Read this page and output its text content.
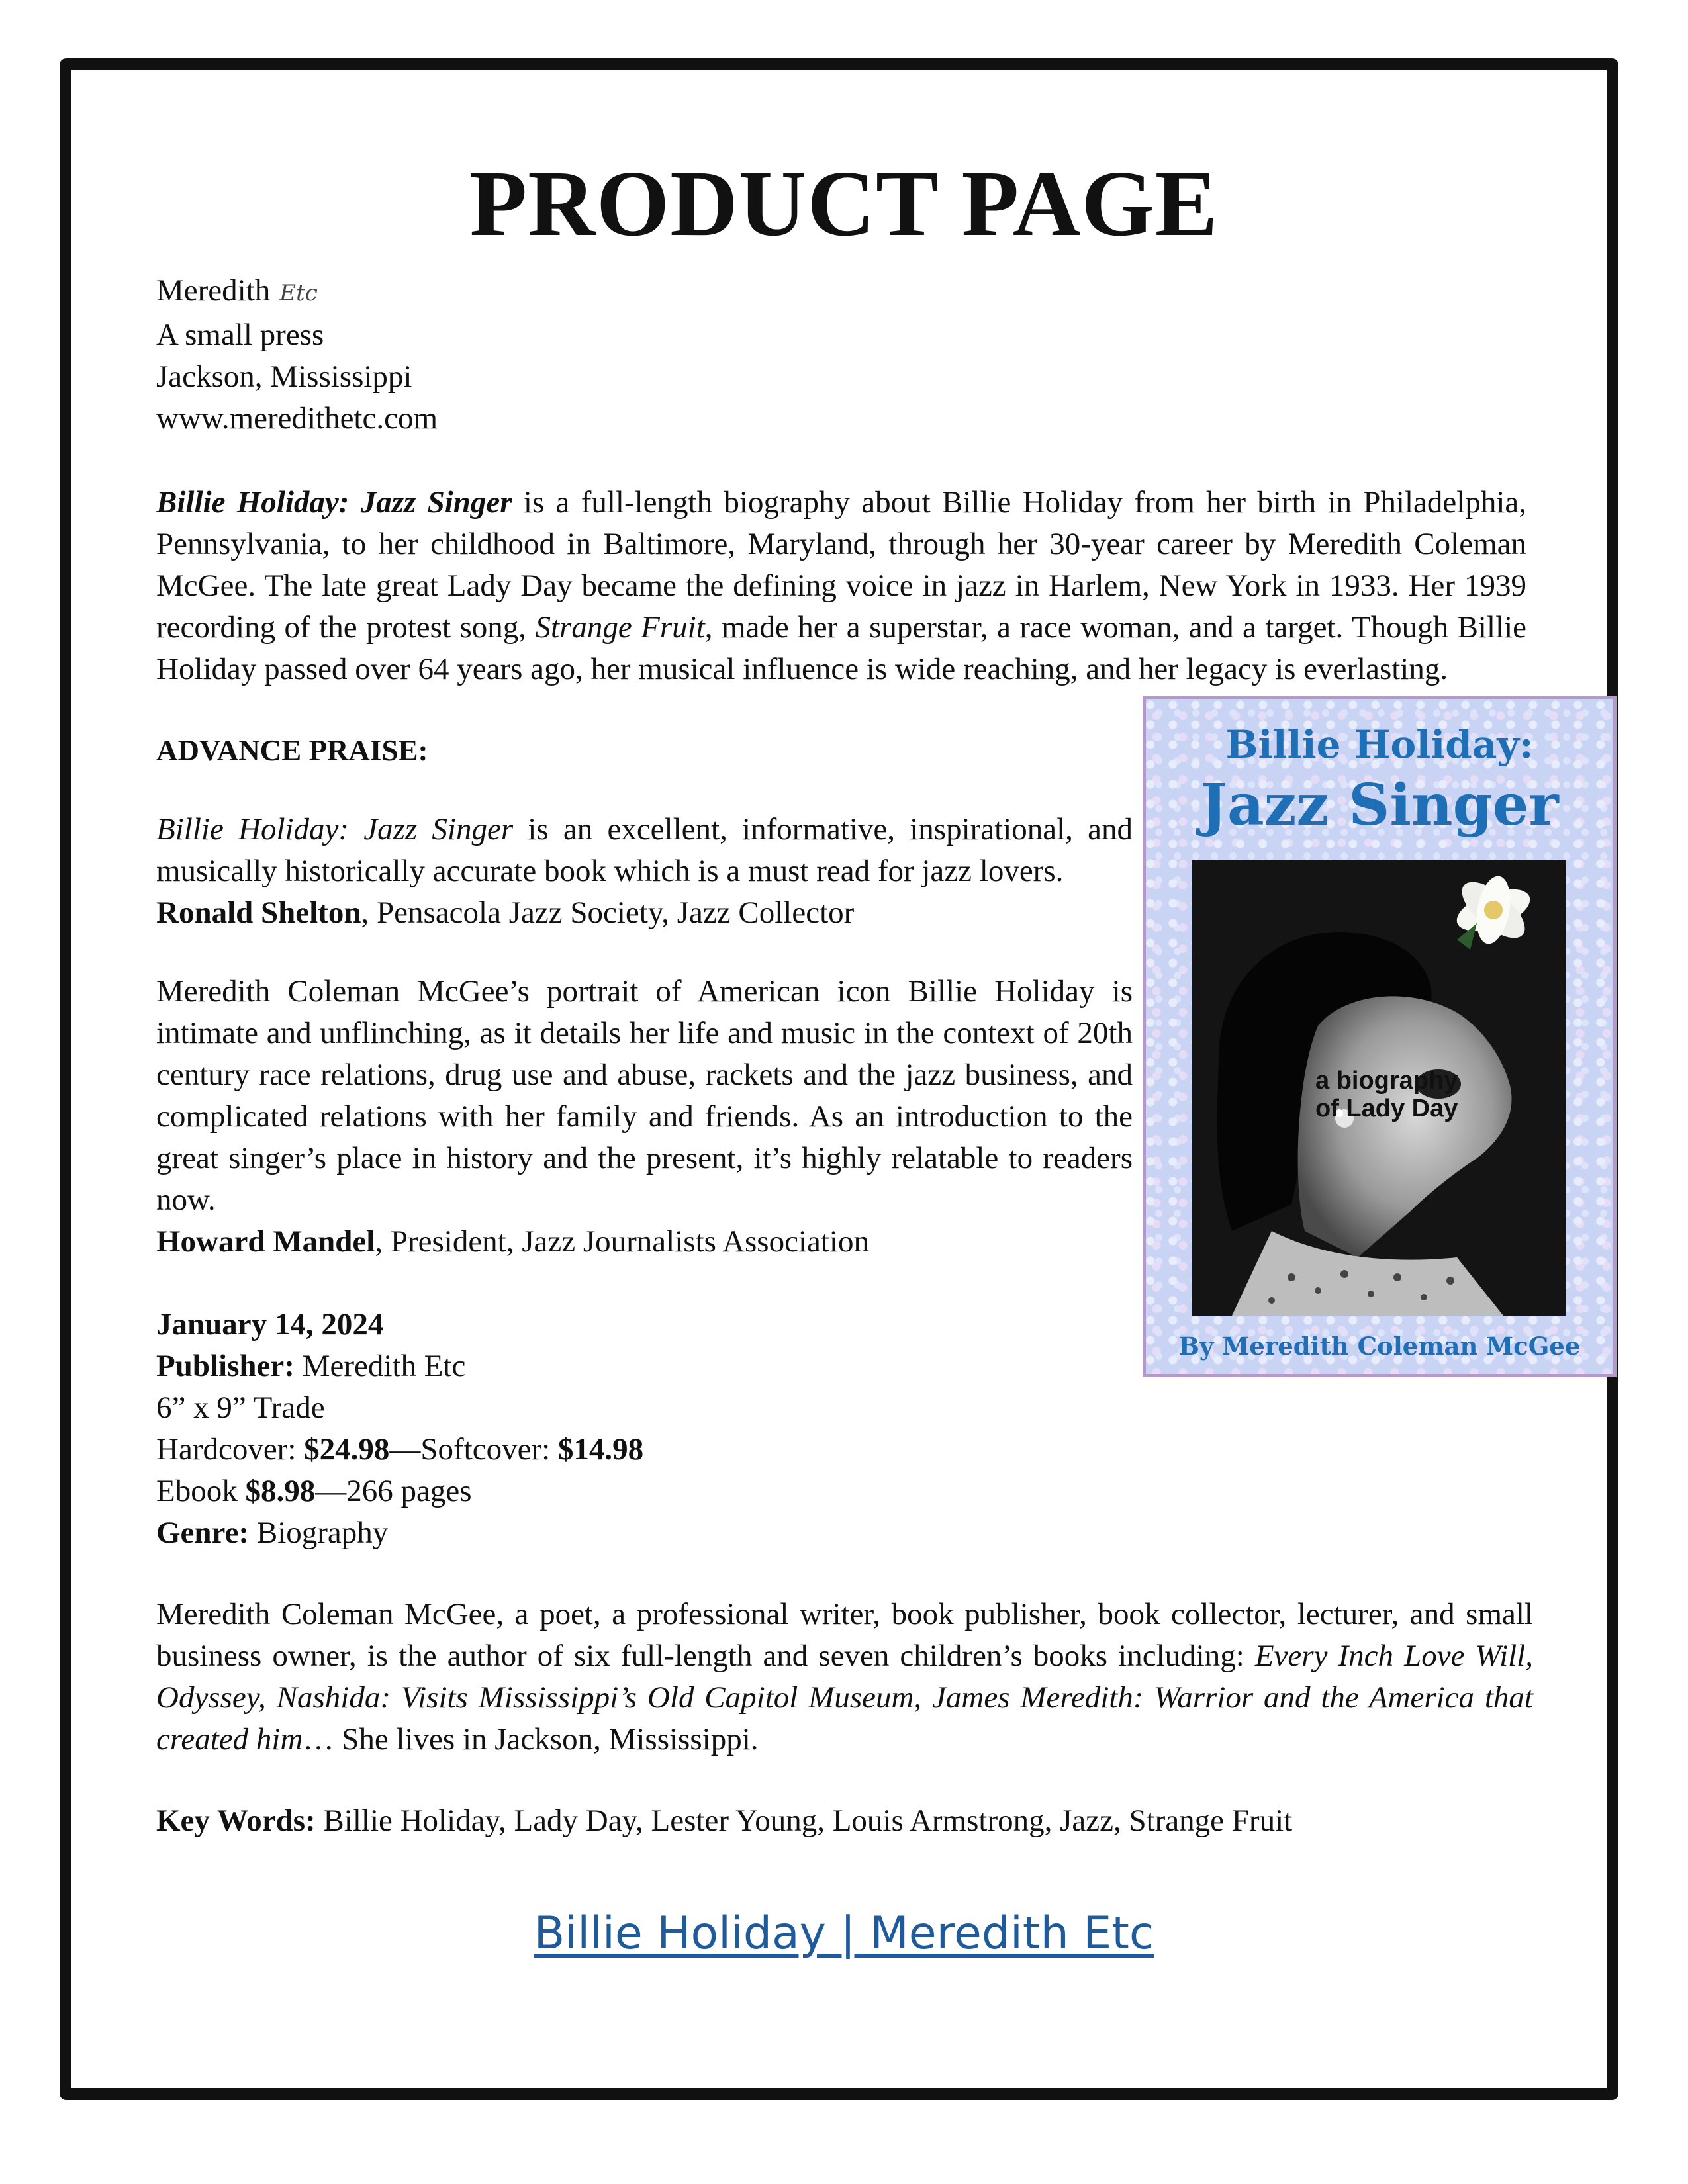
PRODUCT PAGE
Meredith Etc
A small press
Jackson, Mississippi
www.meredithetc.com

Billie Holiday: Jazz Singer is a full-length biography about Billie Holiday from her birth in Philadelphia, Pennsylvania, to her childhood in Baltimore, Maryland, through her 30-year career by Meredith Coleman McGee. The late great Lady Day became the defining voice in jazz in Harlem, New York in 1933. Her 1939 recording of the protest song, Strange Fruit, made her a superstar, a race woman, and a target. Though Billie Holiday passed over 64 years ago, her musical influence is wide reaching, and her legacy is everlasting.

ADVANCE PRAISE:

Billie Holiday: Jazz Singer is an excellent, informative, inspirational, and musically historically accurate book which is a must read for jazz lovers.

Ronald Shelton, Pensacola Jazz Society, Jazz Collector

Meredith Coleman McGee’s portrait of American icon Billie Holiday is intimate and unflinching, as it details her life and music in the context of 20th century race relations, drug use and abuse, rackets and the jazz business, and complicated relations with her family and friends. As an introduction to the great singer’s place in history and the present, it’s highly relatable to readers now.

Howard Mandel, President, Jazz Journalists Association
January 14, 2024
Publisher: Meredith Etc
6” x 9” Trade
Hardcover: $24.98—Softcover: $14.98
Ebook $8.98—266 pages
Genre: Biography

Meredith Coleman McGee, a poet, a professional writer, book publisher, book collector, lecturer, and small business owner, is the author of six full-length and seven children’s books including: Every Inch Love Will, Odyssey, Nashida: Visits Mississippi’s Old Capitol Museum, James Meredith: Warrior and the America that created him… She lives in Jackson, Mississippi.

Key Words: Billie Holiday, Lady Day, Lester Young, Louis Armstrong, Jazz, Strange Fruit

Billie Holiday | Meredith Etc
Billie Holiday:
Jazz Singer
a biography
of Lady Day
By Meredith Coleman McGee
